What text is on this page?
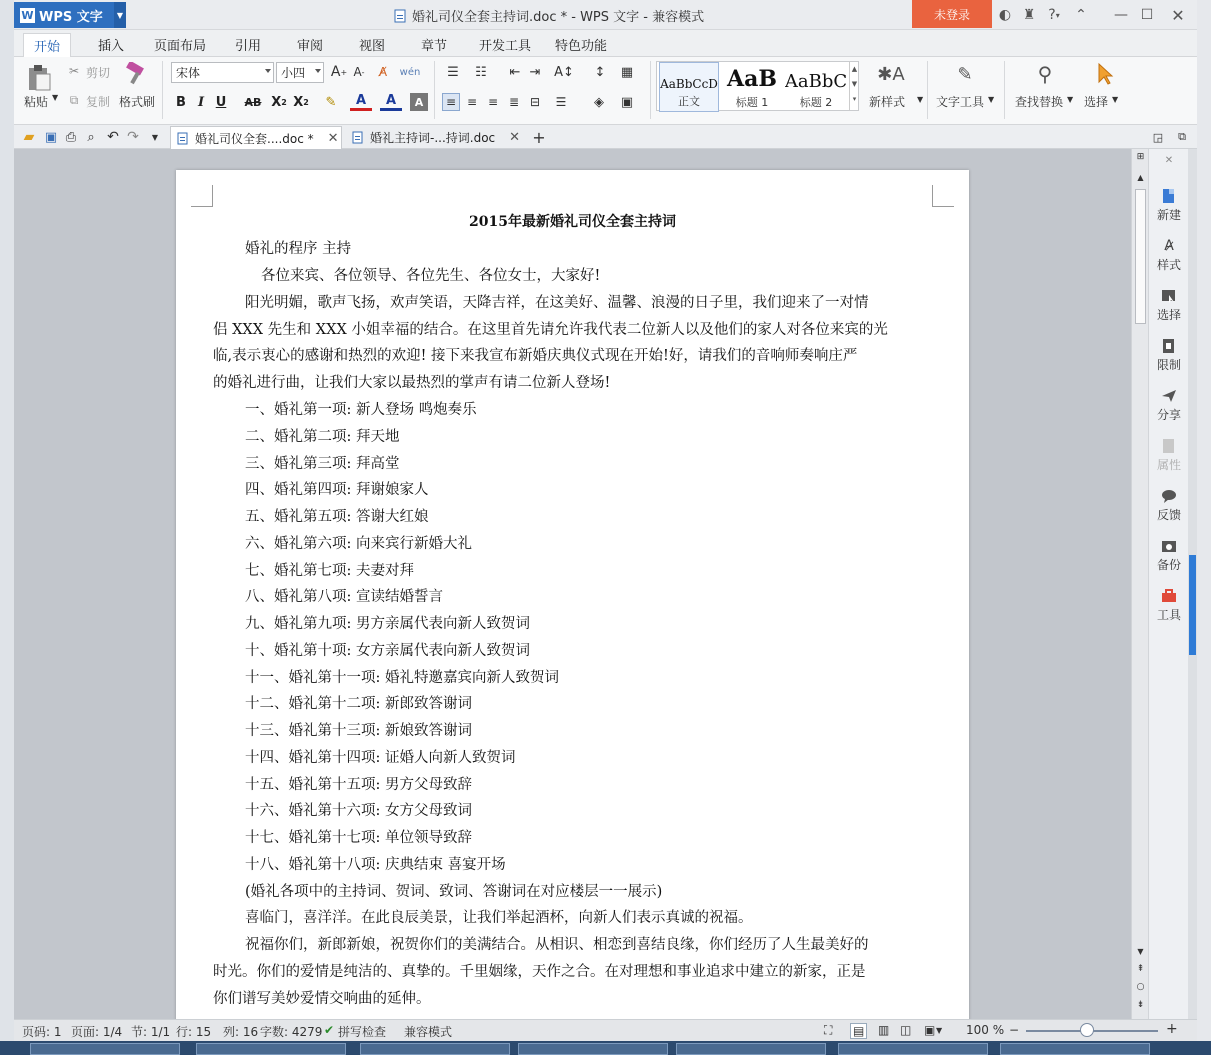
W WPS 文字	▼	婚礼司仪全套主持词.doc * - WPS 文字 - 兼容模式	未登录	◐ ♜ ? ▾ ⌃ — ☐ ✕
开始	插入 页面布局 引用	审阅	视图	章节 开发工具 特色功能
粘贴 ▼
✂ 剪切
⧉ 复制 格式刷
宋体	小四 A + A -	A̸	wén
B I U	AB X 2 X 2	✎	A	A	A
☰	☷	⇤ ⇥	A↕	↕	▦
≡ ≡ ≡ ≣ ⊟	☰	◈	▣
AaBbCcD
正文
AaB
标题 1
AaBbC
标题 2
▲
▼
▾
✱A
新样式 ▼
✎
文字工具 ▼
⚲
查找替换 ▼ 选择 ▼
▰ ▣ ⎙ ⌕ ↶ ↷	▼	婚礼司仪全套....doc * ✕	婚礼主持词-...持词.doc ✕ +	◲	⧉
2015年最新婚礼司仪全套主持词
婚礼的程序 主持
各位来宾、各位领导、各位先生、各位女士，大家好!
阳光明媚，歌声飞扬，欢声笑语，天降吉祥，在这美好、温馨、浪漫的日子里，我们迎来了一对情
侣 XXX 先生和 XXX 小姐幸福的结合。在这里首先请允许我代表二位新人以及他们的家人对各位来宾的光
临,表示衷心的感谢和热烈的欢迎! 接下来我宣布新婚庆典仪式现在开始!好，请我们的音响师奏响庄严
的婚礼进行曲，让我们大家以最热烈的掌声有请二位新人登场!
一、婚礼第一项: 新人登场 鸣炮奏乐
二、婚礼第二项: 拜天地
三、婚礼第三项: 拜高堂
四、婚礼第四项: 拜谢娘家人
五、婚礼第五项: 答谢大红娘
六、婚礼第六项: 向来宾行新婚大礼
七、婚礼第七项: 夫妻对拜
八、婚礼第八项: 宣读结婚誓言
九、婚礼第九项: 男方亲属代表向新人致贺词
十、婚礼第十项: 女方亲属代表向新人致贺词
十一、婚礼第十一项: 婚礼特邀嘉宾向新人致贺词
十二、婚礼第十二项: 新郎致答谢词
十三、婚礼第十三项: 新娘致答谢词
十四、婚礼第十四项: 证婚人向新人致贺词
十五、婚礼第十五项: 男方父母致辞
十六、婚礼第十六项: 女方父母致词
十七、婚礼第十七项: 单位领导致辞
十八、婚礼第十八项: 庆典结束 喜宴开场
(婚礼各项中的主持词、贺词、致词、答谢词在对应楼层一一展示)
喜临门，喜洋洋。在此良辰美景，让我们举起酒杯，向新人们表示真诚的祝福。
祝福你们，新郎新娘，祝贺你们的美满结合。从相识、相恋到喜结良缘，你们经历了人生最美好的
时光。你们的爱情是纯洁的、真挚的。千里姻缘，天作之合。在对理想和事业追求中建立的新家，正是
你们谱写美妙爱情交响曲的延伸。
⊞
▲
▼
⇞
○
⇟
✕
新建
A̷
样式
选择
限制
分享
属性
反馈
备份
工具
页码: 1 页面: 1/4 节: 1/1 行: 15 列: 16 字数: 4279 ✔ 拼写检查 兼容模式	⛶ ▤ ▥ ◫ ▣ ▼ 100 % −	+
